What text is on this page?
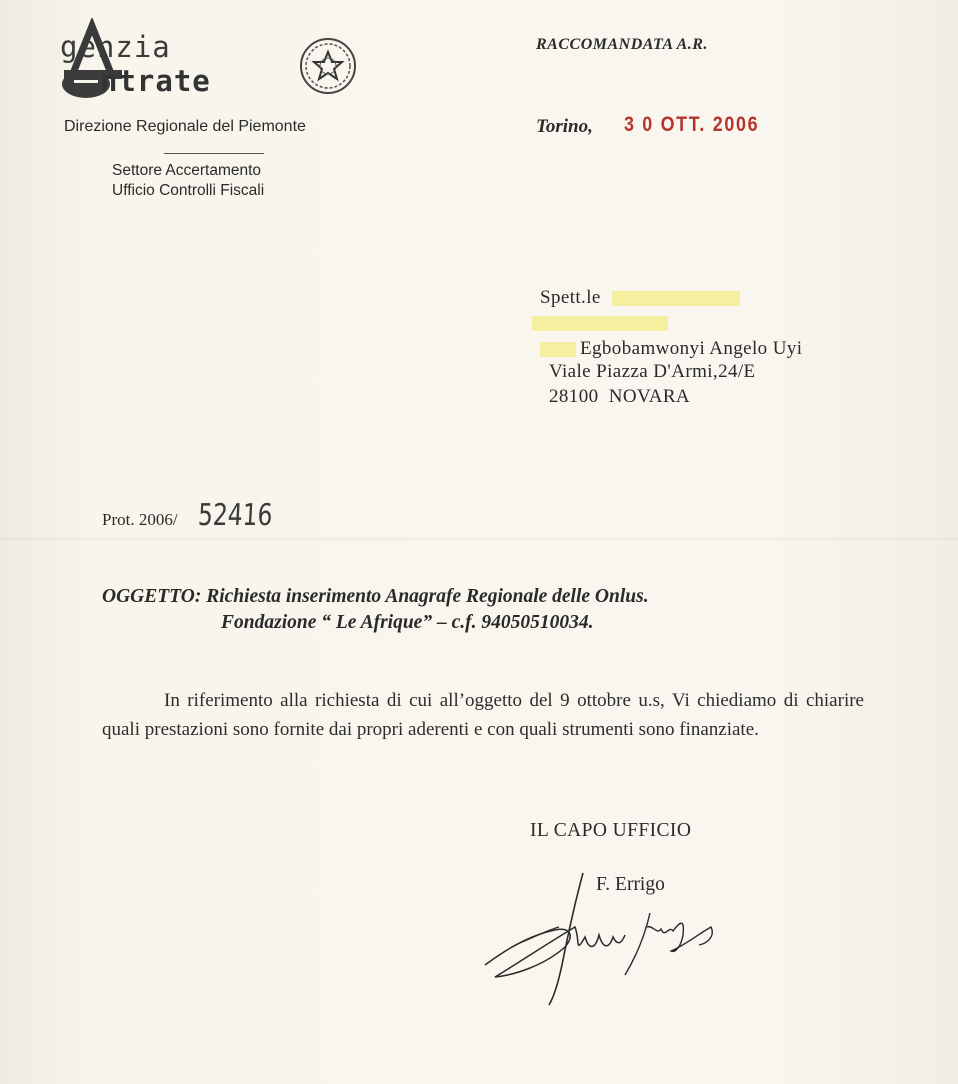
genzia
ntrate
Direzione Regionale del Piemonte
Settore Accertamento
Ufficio Controlli Fiscali
RACCOMANDATA A.R.
Torino, 3 0 OTT. 2006
Spett.le
Egbobamwonyi Angelo Uyi
Viale Piazza D'Armi,24/E
28100  NOVARA
Prot. 2006/ 52416
OGGETTO: Richiesta inserimento Anagrafe Regionale delle Onlus.
Fondazione “ Le Afrique” – c.f. 94050510034.
In riferimento alla richiesta di cui all’oggetto del 9 ottobre u.s, Vi chiediamo di chiarire quali prestazioni sono fornite dai propri aderenti e con quali strumenti sono finanziate.
IL CAPO UFFICIO
F. Errigo
